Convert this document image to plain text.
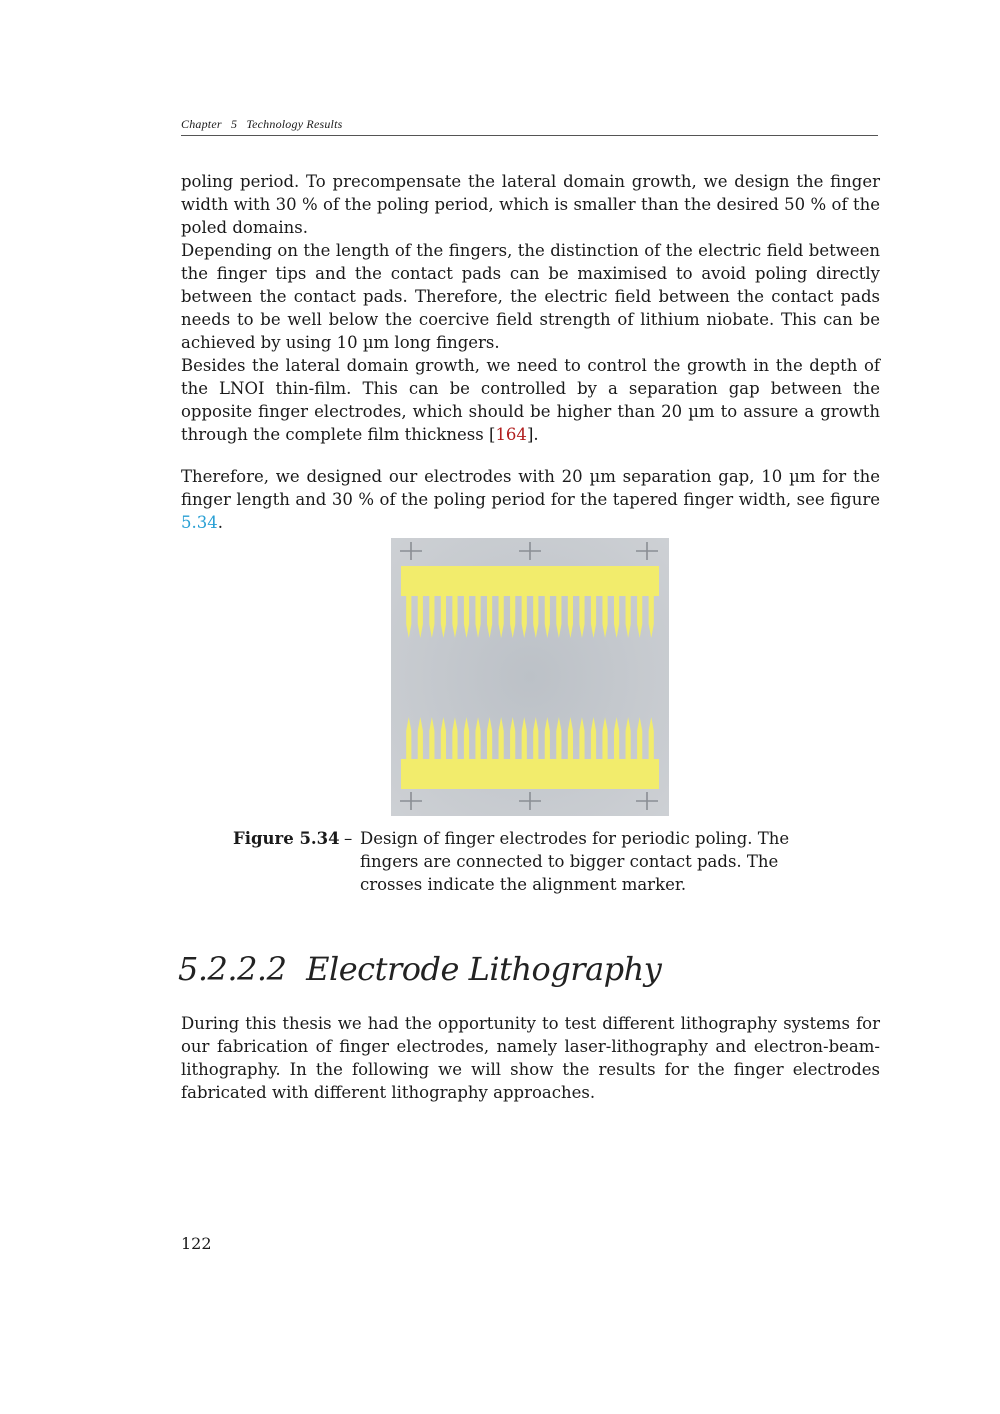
Chapter 5 Technology Results

poling period. To precompensate the lateral domain growth, we design the finger width with 30 % of the poling period, which is smaller than the desired 50 % of the poled domains.

Depending on the length of the fingers, the distinction of the electric field between the finger tips and the contact pads can be maximised to avoid poling directly between the contact pads. Therefore, the electric field between the contact pads needs to be well below the coercive field strength of lithium niobate. This can be achieved by using 10 µm long fingers.

Besides the lateral domain growth, we need to control the growth in the depth of the LNOI thin-film. This can be controlled by a separation gap between the opposite finger electrodes, which should be higher than 20 µm to assure a growth through the complete film thickness [164].

Therefore, we designed our electrodes with 20 µm separation gap, 10 µm for the finger length and 30 % of the poling period for the tapered finger width, see figure 5.34.

Figure 5.34 – Design of finger electrodes for periodic poling. The fingers are connected to bigger contact pads. The crosses indicate the alignment marker.
5.2.2.2 Electrode Lithography

During this thesis we had the opportunity to test different lithography systems for our fabrication of finger electrodes, namely laser-lithography and electron-beam-lithography. In the following we will show the results for the finger electrodes fabricated with different lithography approaches.

122
